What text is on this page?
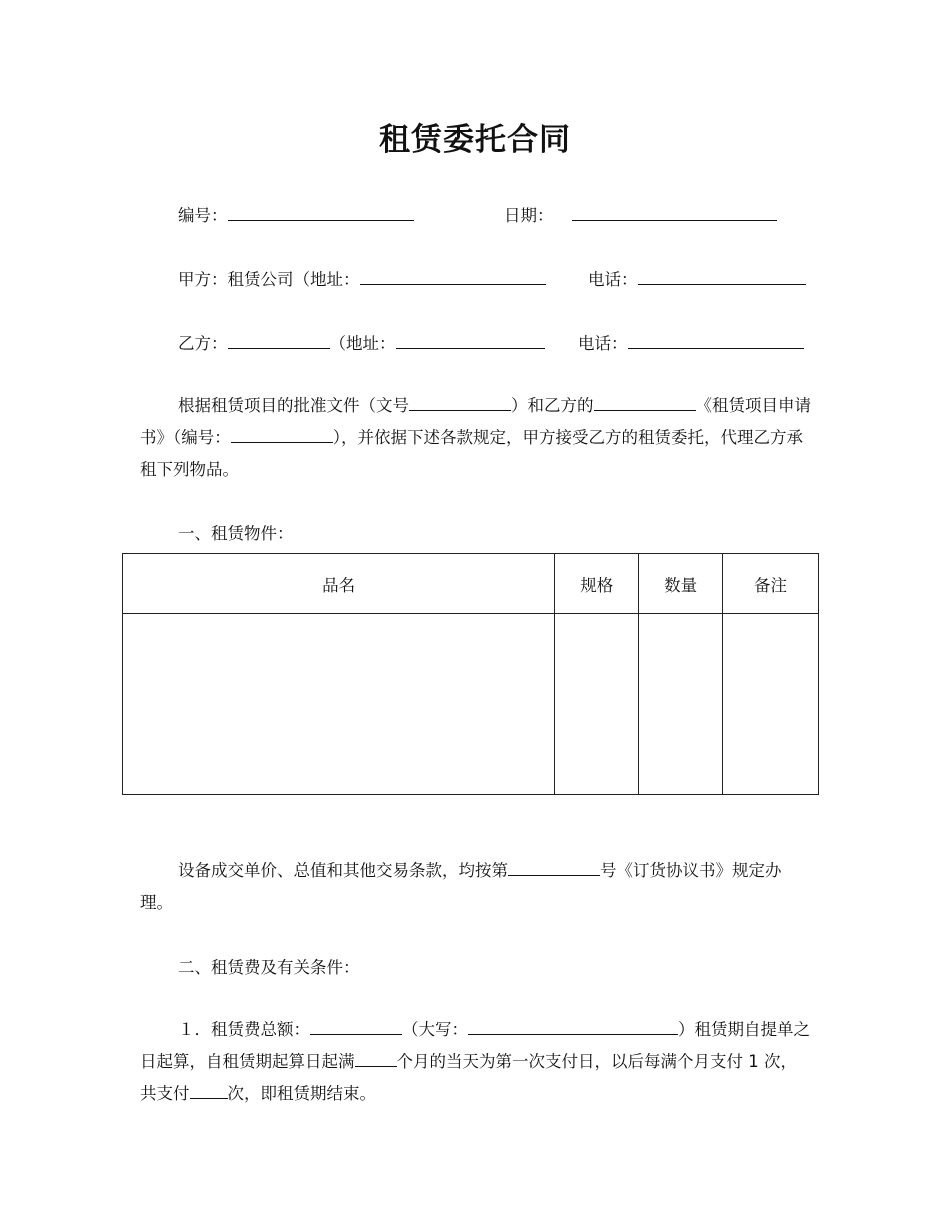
租赁委托合同
编号：	日期：
甲方：租赁公司（地址：	电话：
乙方：	（地址：	电话：
根据租赁项目的批准文件（文号	）和乙方的	《租赁项目申请书》（编号：	），并依据下述各款规定，甲方接受乙方的租赁委托，代理乙方承租下列物品。
一、租赁物件：
品名	规格	数量	备注

设备成交单价、总值和其他交易条款，均按第	号《订货协议书》规定办理。
二、租赁费及有关条件：
１．租赁费总额：	（大写：	）租赁期自提单之日起算，自租赁期起算日起满	个月的当天为第一次支付日，以后每满个月支付 1 次，共支付 次，即租赁期结束。
